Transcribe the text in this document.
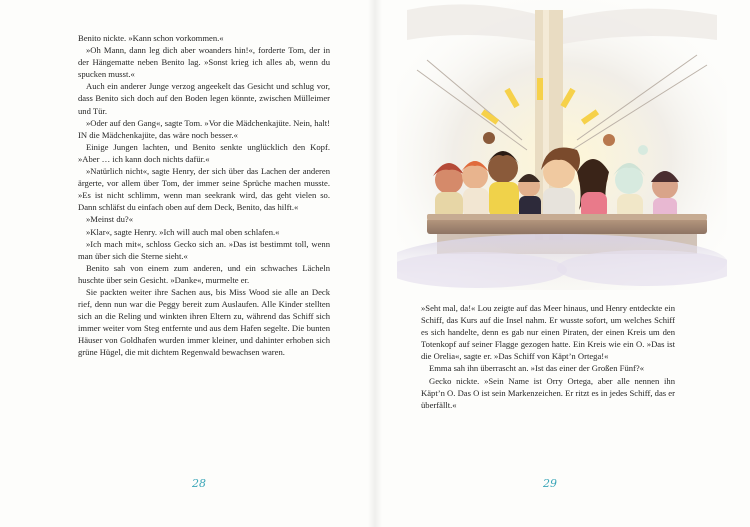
Benito nickte. »Kann schon vorkommen.«

»Oh Mann, dann leg dich aber woanders hin!«, forderte Tom, der in der Hängematte neben Benito lag. »Sonst krieg ich alles ab, wenn du spucken musst.«

Auch ein anderer Junge verzog angeekelt das Gesicht und schlug vor, dass Benito sich doch auf den Boden legen könnte, zwischen Mülleimer und Tür.

»Oder auf den Gang«, sagte Tom. »Vor die Mädchenkajüte. Nein, halt! IN die Mädchenkajüte, das wäre noch besser.«

Einige Jungen lachten, und Benito senkte unglücklich den Kopf. »Aber … ich kann doch nichts dafür.«

»Natürlich nicht«, sagte Henry, der sich über das Lachen der anderen ärgerte, vor allem über Tom, der immer seine Sprüche machen musste. »Es ist nicht schlimm, wenn man seekrank wird, das geht vielen so. Dann schläfst du einfach oben auf dem Deck, Benito, das hilft.«

»Meinst du?«

»Klar«, sagte Henry. »Ich will auch mal oben schlafen.«

»Ich mach mit«, schloss Gecko sich an. »Das ist bestimmt toll, wenn man über sich die Sterne sieht.«

Benito sah von einem zum anderen, und ein schwaches Lächeln huschte über sein Gesicht. »Danke«, murmelte er.

Sie packten weiter ihre Sachen aus, bis Miss Wood sie alle an Deck rief, denn nun war die Peggy bereit zum Auslaufen. Alle Kinder stellten sich an die Reling und winkten ihren Eltern zu, während das Schiff sich immer weiter vom Steg entfernte und aus dem Hafen segelte. Die bunten Häuser von Goldhafen wurden immer kleiner, und dahinter erhoben sich grüne Hügel, die mit dichtem Regenwald bewachsen waren.

28

»Seht mal, da!« Lou zeigte auf das Meer hinaus, und Henry entdeckte ein Schiff, das Kurs auf die Insel nahm. Er wusste sofort, um welches Schiff es sich handelte, denn es gab nur einen Piraten, der einen Kreis um den Totenkopf auf seiner Flagge gezogen hatte. Ein Kreis wie ein O. »Das ist die Orelia«, sagte er. »Das Schiff von Käpt’n Ortega!«

Emma sah ihn überrascht an. »Ist das einer der Großen Fünf?«

Gecko nickte. »Sein Name ist Orry Ortega, aber alle nennen ihn Käpt’n O. Das O ist sein Markenzeichen. Er ritzt es in jedes Schiff, das er überfällt.«

29
